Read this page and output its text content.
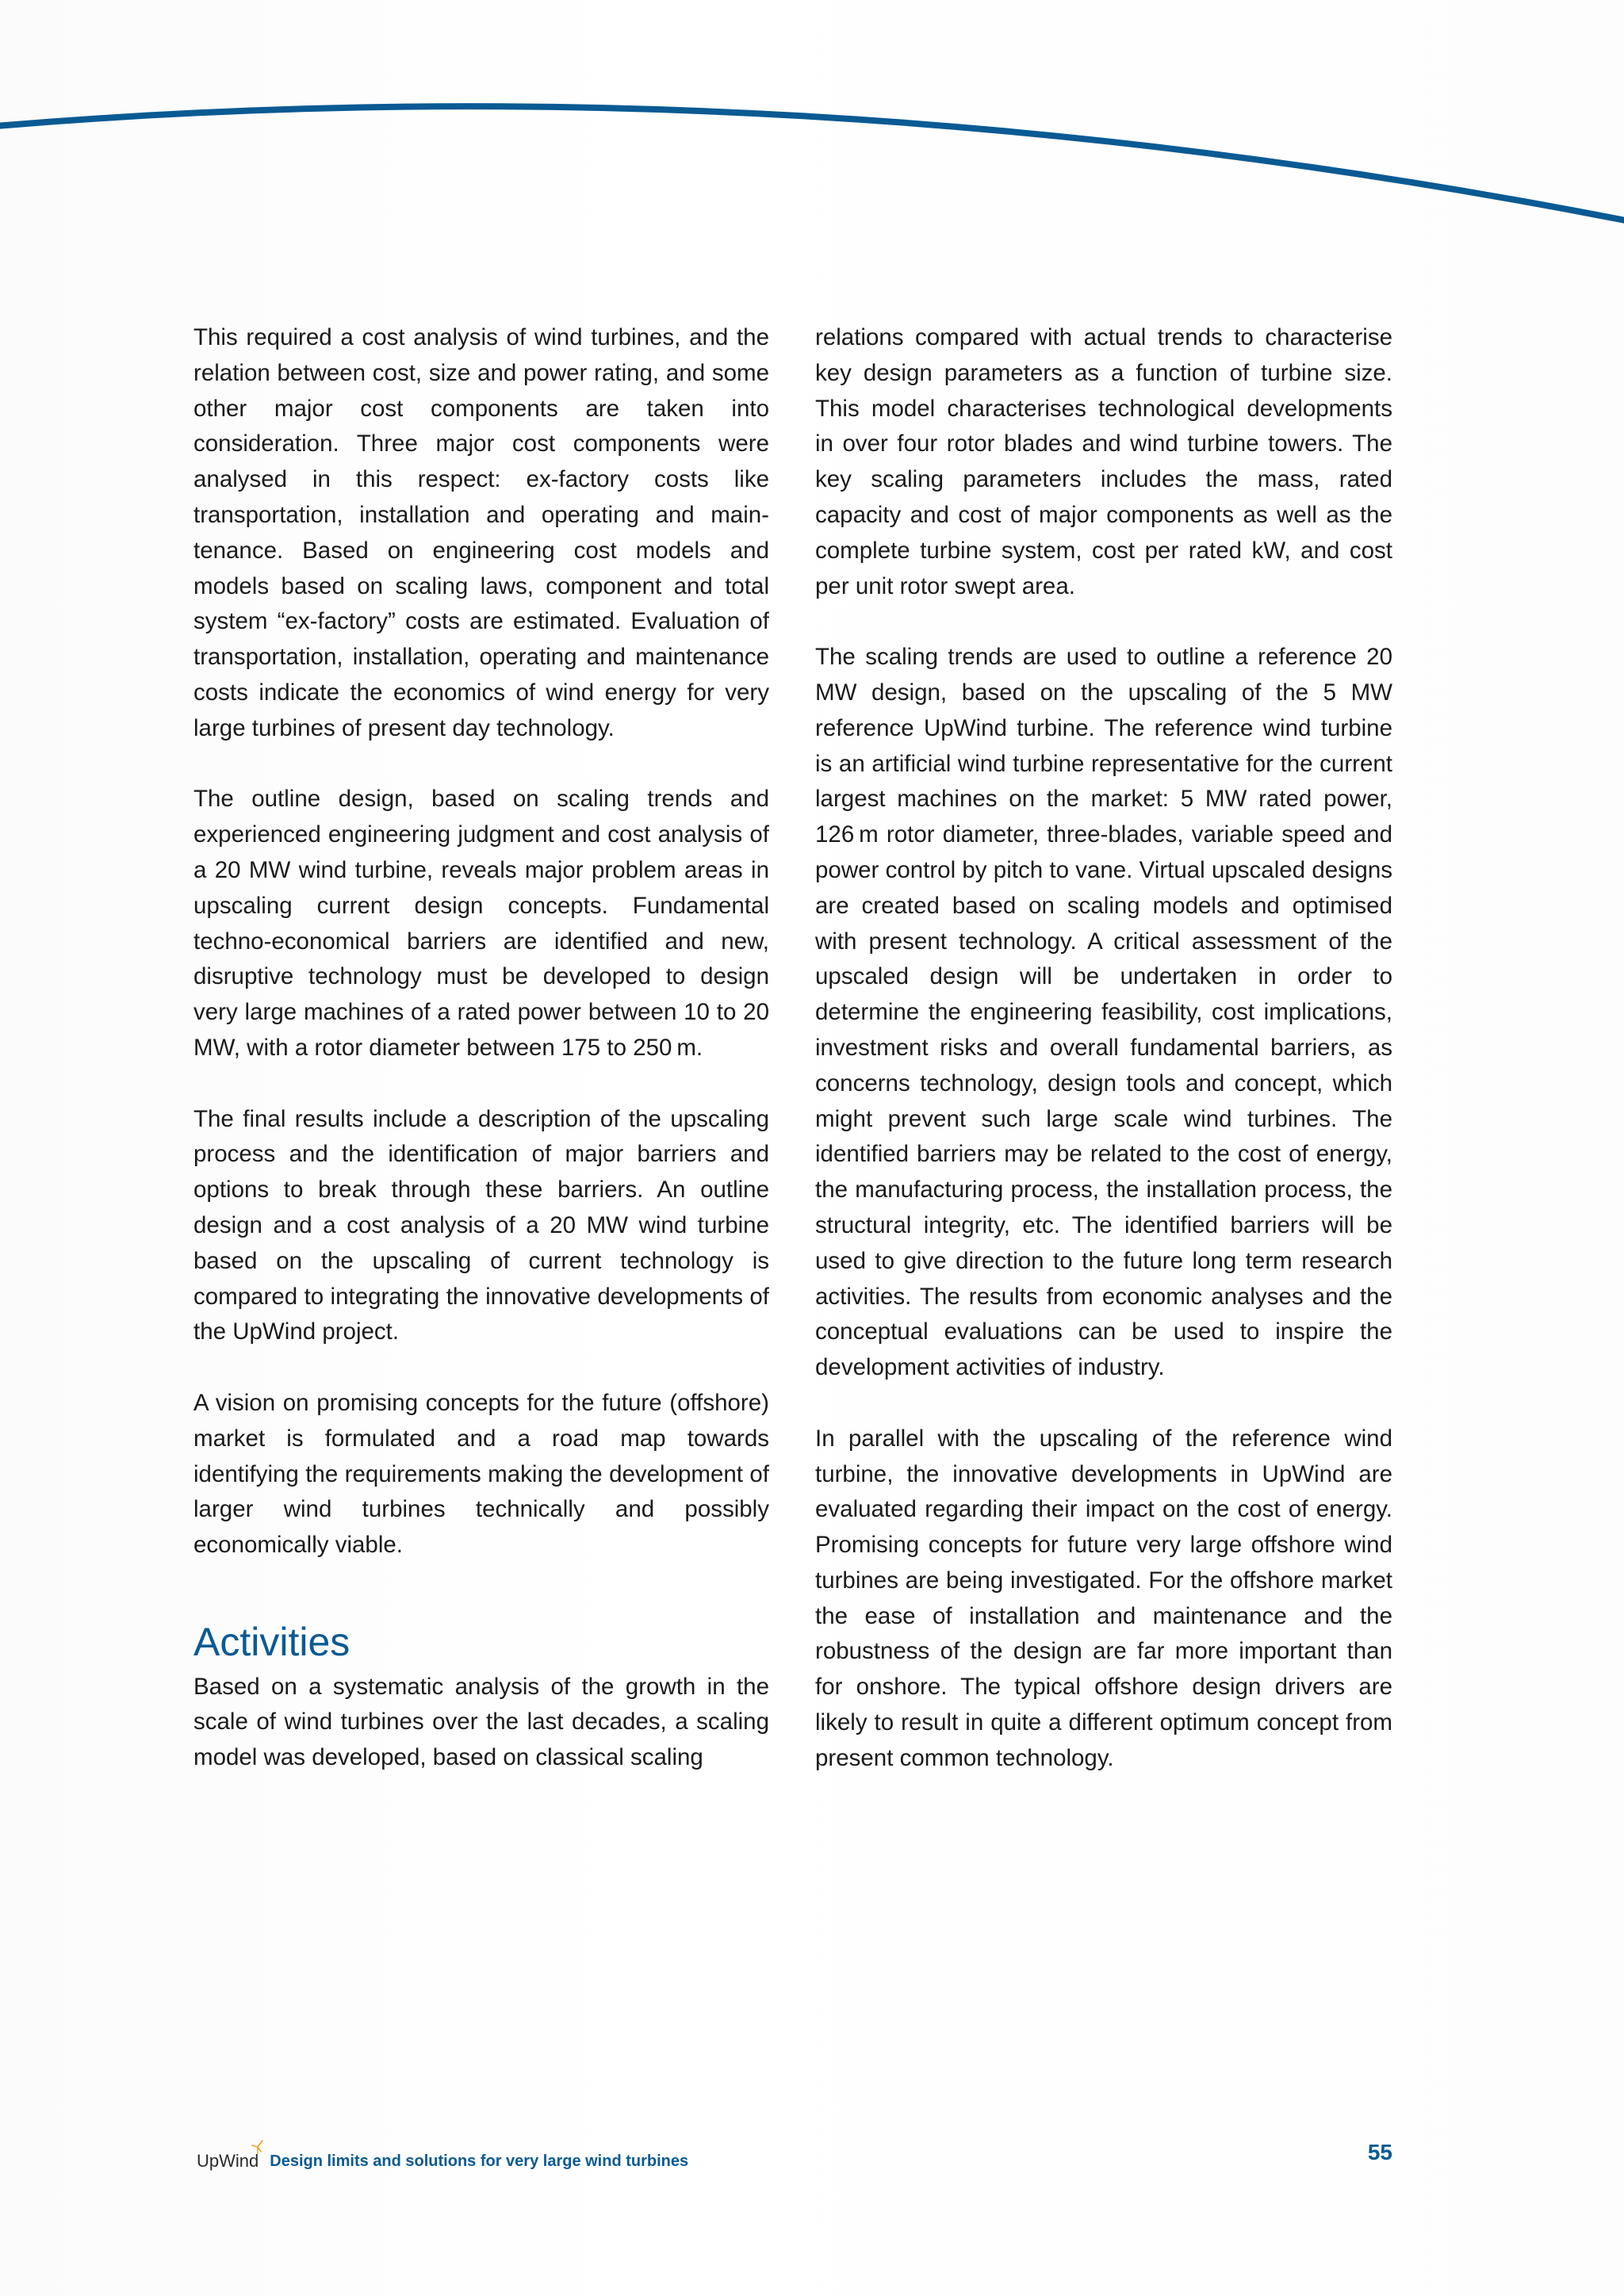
This required a cost analysis of wind turbines, and the relation between cost, size and power rating, and some other major cost components are taken into consideration. Three major cost components were analysed in this respect: ex-factory costs like transportation, installation and operating and maintenance. Based on engineering cost models and models based on scaling laws, component and total system “ex-factory” costs are estimated. Evaluation of transportation, installation, operating and maintenance costs indicate the economics of wind energy for very large turbines of present day technology.

The outline design, based on scaling trends and experienced engineering judgment and cost analysis of a 20 MW wind turbine, reveals major problem areas in upscaling current design concepts. Fundamental techno-economical barriers are identified and new, disruptive technology must be developed to design very large machines of a rated power between 10 to 20 MW, with a rotor diameter between 175 to 250 m.

The final results include a description of the upscaling process and the identification of major barriers and options to break through these barriers. An outline design and a cost analysis of a 20 MW wind turbine based on the upscaling of current technology is compared to integrating the innovative developments of the UpWind project.

A vision on promising concepts for the future (offshore) market is formulated and a road map towards identifying the requirements making the development of larger wind turbines technically and possibly economically viable.

Activities

Based on a systematic analysis of the growth in the scale of wind turbines over the last decades, a scaling model was developed, based on classical scaling

relations compared with actual trends to characterise key design parameters as a function of turbine size. This model characterises technological developments in over four rotor blades and wind turbine towers. The key scaling parameters includes the mass, rated capacity and cost of major components as well as the complete turbine system, cost per rated kW, and cost per unit rotor swept area.

The scaling trends are used to outline a reference 20 MW design, based on the upscaling of the 5 MW reference UpWind turbine. The reference wind turbine is an artificial wind turbine representative for the current largest machines on the market: 5 MW rated power, 126 m rotor diameter, three-blades, variable speed and power control by pitch to vane. Virtual upscaled designs are created based on scaling models and optimised with present technology. A critical assessment of the upscaled design will be undertaken in order to determine the engineering feasibility, cost implications, investment risks and overall fundamental barriers, as concerns technology, design tools and concept, which might prevent such large scale wind turbines. The identified barriers may be related to the cost of energy, the manufacturing process, the installation process, the structural integrity, etc. The identified barriers will be used to give direction to the future long term research activities. The results from economic analyses and the conceptual evaluations can be used to inspire the development activities of industry.

In parallel with the upscaling of the reference wind turbine, the innovative developments in UpWind are evaluated regarding their impact on the cost of energy. Promising concepts for future very large offshore wind turbines are being investigated. For the offshore market the ease of installation and maintenance and the robustness of the design are far more important than for onshore. The typical offshore design drivers are likely to result in quite a different optimum concept from present common technology.

UpWind Design limits and solutions for very large wind turbines	55
